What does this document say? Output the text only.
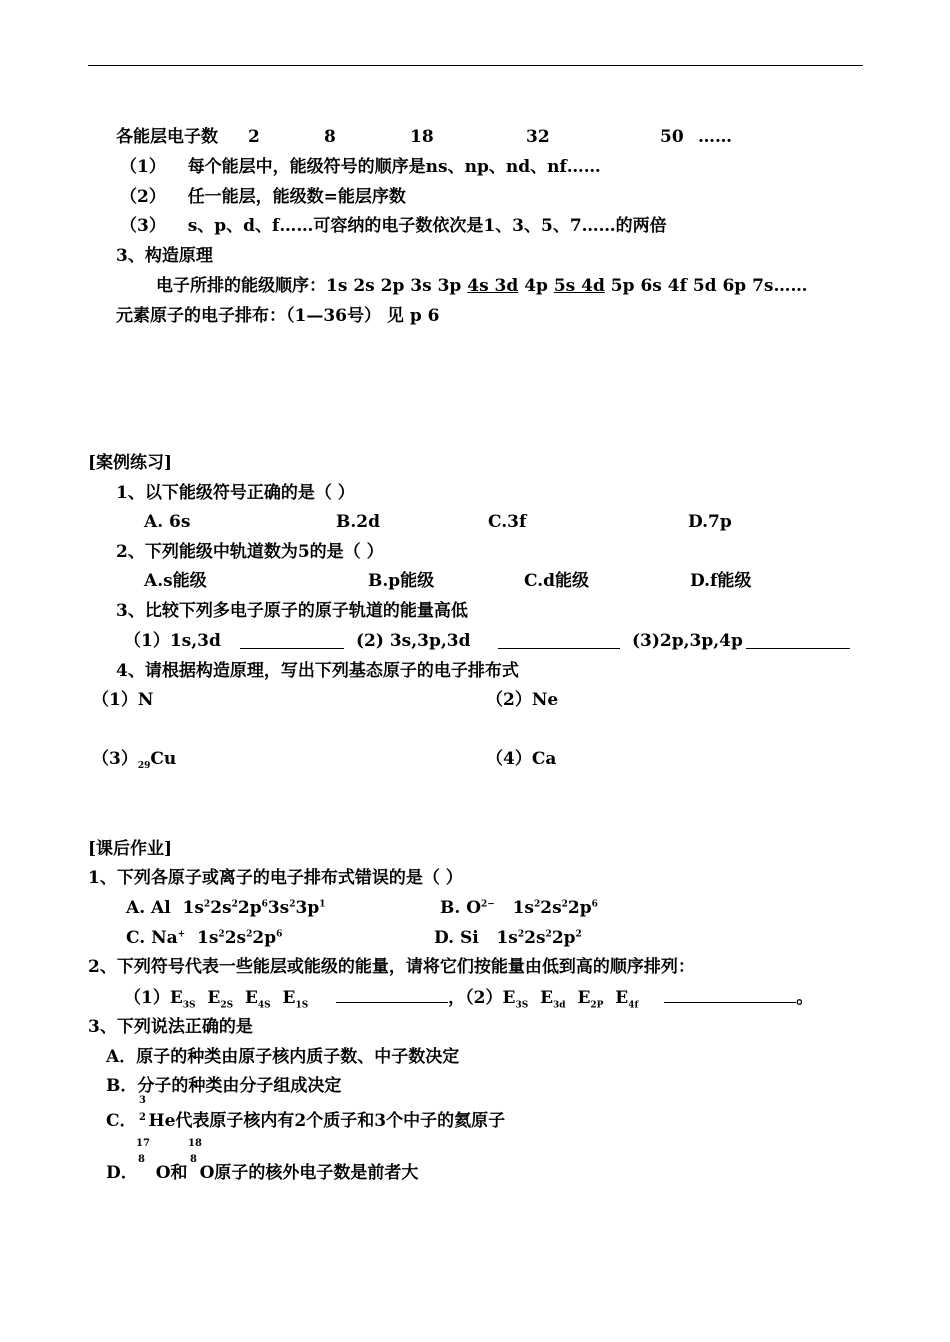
各能层电子数 2	8	18	32	50 ……
（1） 每个能层中，能级符号的顺序是ns、np、nd、nf……
（2） 任一能层，能级数=能层序数
（3） s、p、d、f……可容纳的电子数依次是1、3、5、7……的两倍
3、构造原理
电子所排的能级顺序：1s 2s 2p 3s 3p 4s 3d 4p 5s 4d 5p 6s 4f 5d 6p 7s……
元素原子的电子排布：（1—36号） 见 p 6
[案例练习]
1、以下能级符号正确的是（ ）
A. 6s	B.2d	C.3f	D.7p
2、下列能级中轨道数为5的是（ ）
A.s能级	B.p能级	C.d能级	D.f能级
3、比较下列多电子原子的原子轨道的能量高低
（1）1s,3d	(2) 3s,3p,3d	(3)2p,3p,4p
4、请根据构造原理，写出下列基态原子的电子排布式
（1）N	（2）Ne
$(3)_{29}Cu$	（4）Ca
[课后作业]
1、下列各原子或离子的电子排布式错误的是（ ）
A. Al  $1s^22s^22p^63s^23p^1$	B. $O^{2-}$   $1s^22s^22p^6$
C. Na+  $1s^22s^22p^6$	D. Si   $1s^22s^22p^2$
2、下列符号代表一些能层或能级的能量，请将它们按能量由低到高的顺序排列：
$(1)E_{3S}$  $E_{2S}$  $E_{4S}$  $E_{1S}$	，$(2)E_{3S}$  $E_{3d}$  $E_{2P}$  $E_{4f}$	。
3、下列说法正确的是
A．原子的种类由原子核内质子数、中子数决定
B．分子的种类由分子组成决定
C． He代表原子核内有2个质子和3个中子的氦原子
3
2
D． O和 O原子的核外电子数是前者大
17
8
18
8
